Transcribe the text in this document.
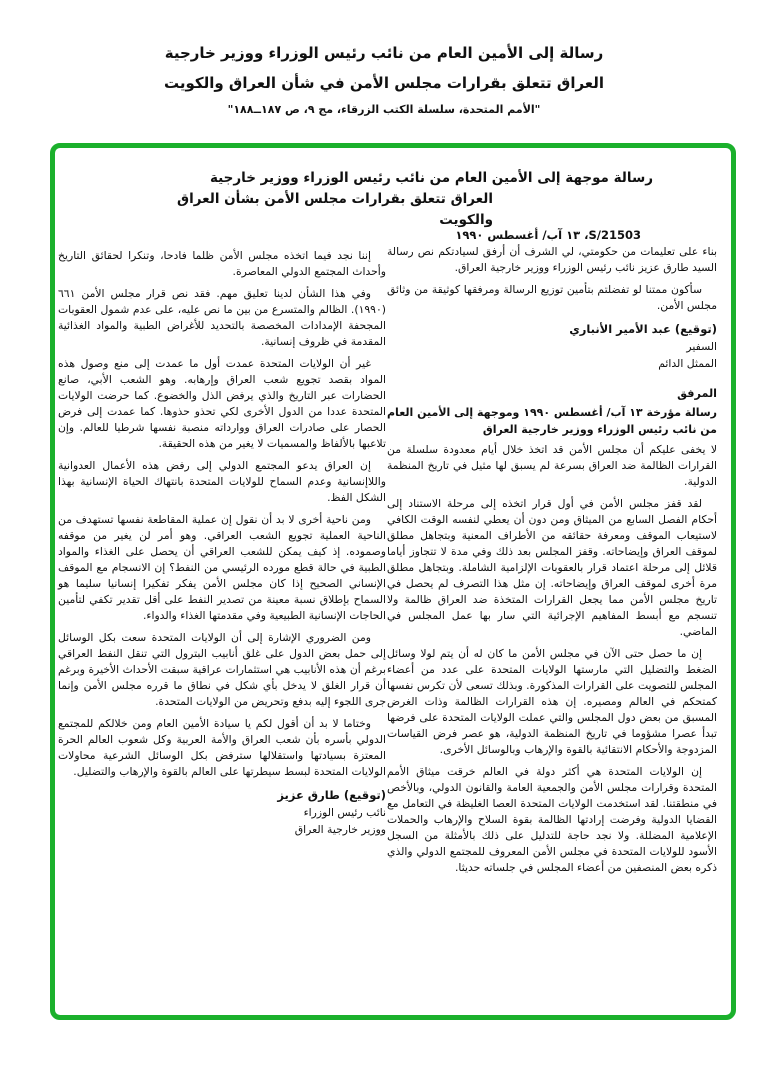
رسالة إلى الأمين العام من نائب رئيس الوزراء ووزير خارجية
العراق تتعلق بقرارات مجلس الأمن في شأن العراق والكويت
"الأمم المتحدة، سلسلة الكتب الزرقاء، مج ٩، ص ١٨٧ــ١٨٨"
رسالة موجهة إلى الأمين العام من نائب رئيس الوزراء ووزير خارجية
العراق تتعلق بقرارات مجلس الأمن بشأن العراق والكويت
S/21503، ١٣ آب/ أغسطس ١٩٩٠

بناء على تعليمات من حكومتي، لي الشرف أن أرفق لسيادتكم نص رسالة السيد طارق عزيز نائب رئيس الوزراء ووزير خارجية العراق.

سأكون ممتنا لو تفضلتم بتأمين توزيع الرسالة ومرفقها كوثيقة من وثائق مجلس الأمن.

(توقيع) عبد الأمير الأنباري
السفير
الممثل الدائم
المرفق
رسالة مؤرخة ١٣ آب/ أغسطس ١٩٩٠ وموجهة إلى الأمين العام من نائب رئيس الوزراء ووزير خارجية العراق

لا يخفى عليكم أن مجلس الأمن قد اتخذ خلال أيام معدودة سلسلة من القرارات الظالمة ضد العراق بسرعة لم يسبق لها مثيل في تاريخ المنظمة الدولية.

لقد قفز مجلس الأمن في أول قرار اتخذه إلى مرحلة الاستناد إلى أحكام الفصل السابع من الميثاق ومن دون أن يعطي لنفسه الوقت الكافي لاستيعاب الموقف ومعرفة حقائقه من الأطراف المعنية وبتجاهل مطلق لموقف العراق وإيضاحاته. وقفز المجلس بعد ذلك وفي مدة لا تتجاوز أياما قلائل إلى مرحلة اعتماد قرار بالعقوبات الإلزامية الشاملة. وبتجاهل مطلق مرة أخرى لموقف العراق وإيضاحاته. إن مثل هذا التصرف لم يحصل في تاريخ مجلس الأمن مما يجعل القرارات المتخذة ضد العراق ظالمة ولا تنسجم مع أبسط المفاهيم الإجرائية التي سار بها عمل المجلس في الماضي.

إن ما حصل حتى الآن في مجلس الأمن ما كان له أن يتم لولا وسائل الضغط والتضليل التي مارستها الولايات المتحدة على عدد من أعضاء المجلس للتصويت على القرارات المذكورة. وبذلك تسعى لأن تكرس نفسها كمتحكم في العالم ومصيره. إن هذه القرارات الظالمة وذات الغرض المسبق من بعض دول المجلس والتي عملت الولايات المتحدة على فرضها تبدأ عصرا مشؤوما في تاريخ المنظمة الدولية، هو عصر فرض القياسات المزدوجة والأحكام الانتقائية بالقوة والإرهاب وبالوسائل الأخرى.

إن الولايات المتحدة هي أكثر دولة في العالم خرقت ميثاق الأمم المتحدة وقرارات مجلس الأمن والجمعية العامة والقانون الدولي، وبالأخص في منطقتنا. لقد استخدمت الولايات المتحدة العصا الغليظة في التعامل مع القضايا الدولية وفرضت إرادتها الظالمة بقوة السلاح والإرهاب والحملات الإعلامية المضللة. ولا نجد حاجة للتدليل على ذلك بالأمثلة من السجل الأسود للولايات المتحدة في مجلس الأمن المعروف للمجتمع الدولي والذي ذكره بعض المنصفين من أعضاء المجلس في جلساته حديثا.

إننا نجد فيما اتخذه مجلس الأمن ظلما فادحا، وتنكرا لحقائق التاريخ وأحداث المجتمع الدولي المعاصرة.

وفي هذا الشأن لدينا تعليق مهم. فقد نص قرار مجلس الأمن ٦٦١ (١٩٩٠). الظالم والمتسرع من بين ما نص عليه، على عدم شمول العقوبات المجحفة الإمدادات المخصصة بالتحديد للأغراض الطبية والمواد الغذائية المقدمة في ظروف إنسانية.

غير أن الولايات المتحدة عمدت أول ما عمدت إلى منع وصول هذه المواد بقصد تجويع شعب العراق وإرهابه. وهو الشعب الأبي، صانع الحضارات عبر التاريخ والذي يرفض الذل والخضوع. كما حرضت الولايات المتحدة عددا من الدول الأخرى لكي تحذو حذوها. كما عمدت إلى فرض الحصار على صادرات العراق ووارداته منصبة نفسها شرطيا للعالم. وإن تلاعبها بالألفاظ والمسميات لا يغير من هذه الحقيقة.

إن العراق يدعو المجتمع الدولي إلى رفض هذه الأعمال العدوانية واللاإنسانية وعدم السماح للولايات المتحدة بانتهاك الحياة الإنسانية بهذا الشكل الفظ.

ومن ناحية أخرى لا بد أن نقول إن عملية المقاطعة نفسها تستهدف من الناحية العملية تجويع الشعب العراقي. وهو أمر لن يغير من موقفه وصموده. إذ كيف يمكن للشعب العراقي أن يحصل على الغذاء والمواد الطبية في حالة قطع مورده الرئيسي من النفط؟ إن الانسجام مع الموقف الإنساني الصحيح إذا كان مجلس الأمن يفكر تفكيرا إنسانيا سليما هو السماح بإطلاق نسبة معينة من تصدير النفط على أقل تقدير تكفي لتأمين الحاجات الإنسانية الطبيعية وفي مقدمتها الغذاء والدواء.

ومن الضروري الإشارة إلى أن الولايات المتحدة سعت بكل الوسائل إلى حمل بعض الدول على غلق أنابيب البترول التي تنقل النفط العراقي برغم أن هذه الأنابيب هي استثمارات عراقية سبقت الأحداث الأخيرة وبرغم أن قرار الغلق لا يدخل بأي شكل في نطاق ما قرره مجلس الأمن وإنما جرى اللجوء إليه بدفع وتحريض من الولايات المتحدة.

وختاما لا بد أن أقول لكم يا سيادة الأمين العام ومن خلالكم للمجتمع الدولي بأسره بأن شعب العراق والأمة العربية وكل شعوب العالم الحرة المعتزة بسيادتها واستقلالها سترفض بكل الوسائل الشرعية محاولات الولايات المتحدة لبسط سيطرتها على العالم بالقوة والإرهاب والتضليل.

(توقيع) طارق عزيز
نائب رئيس الوزراء
ووزير خارجية العراق
